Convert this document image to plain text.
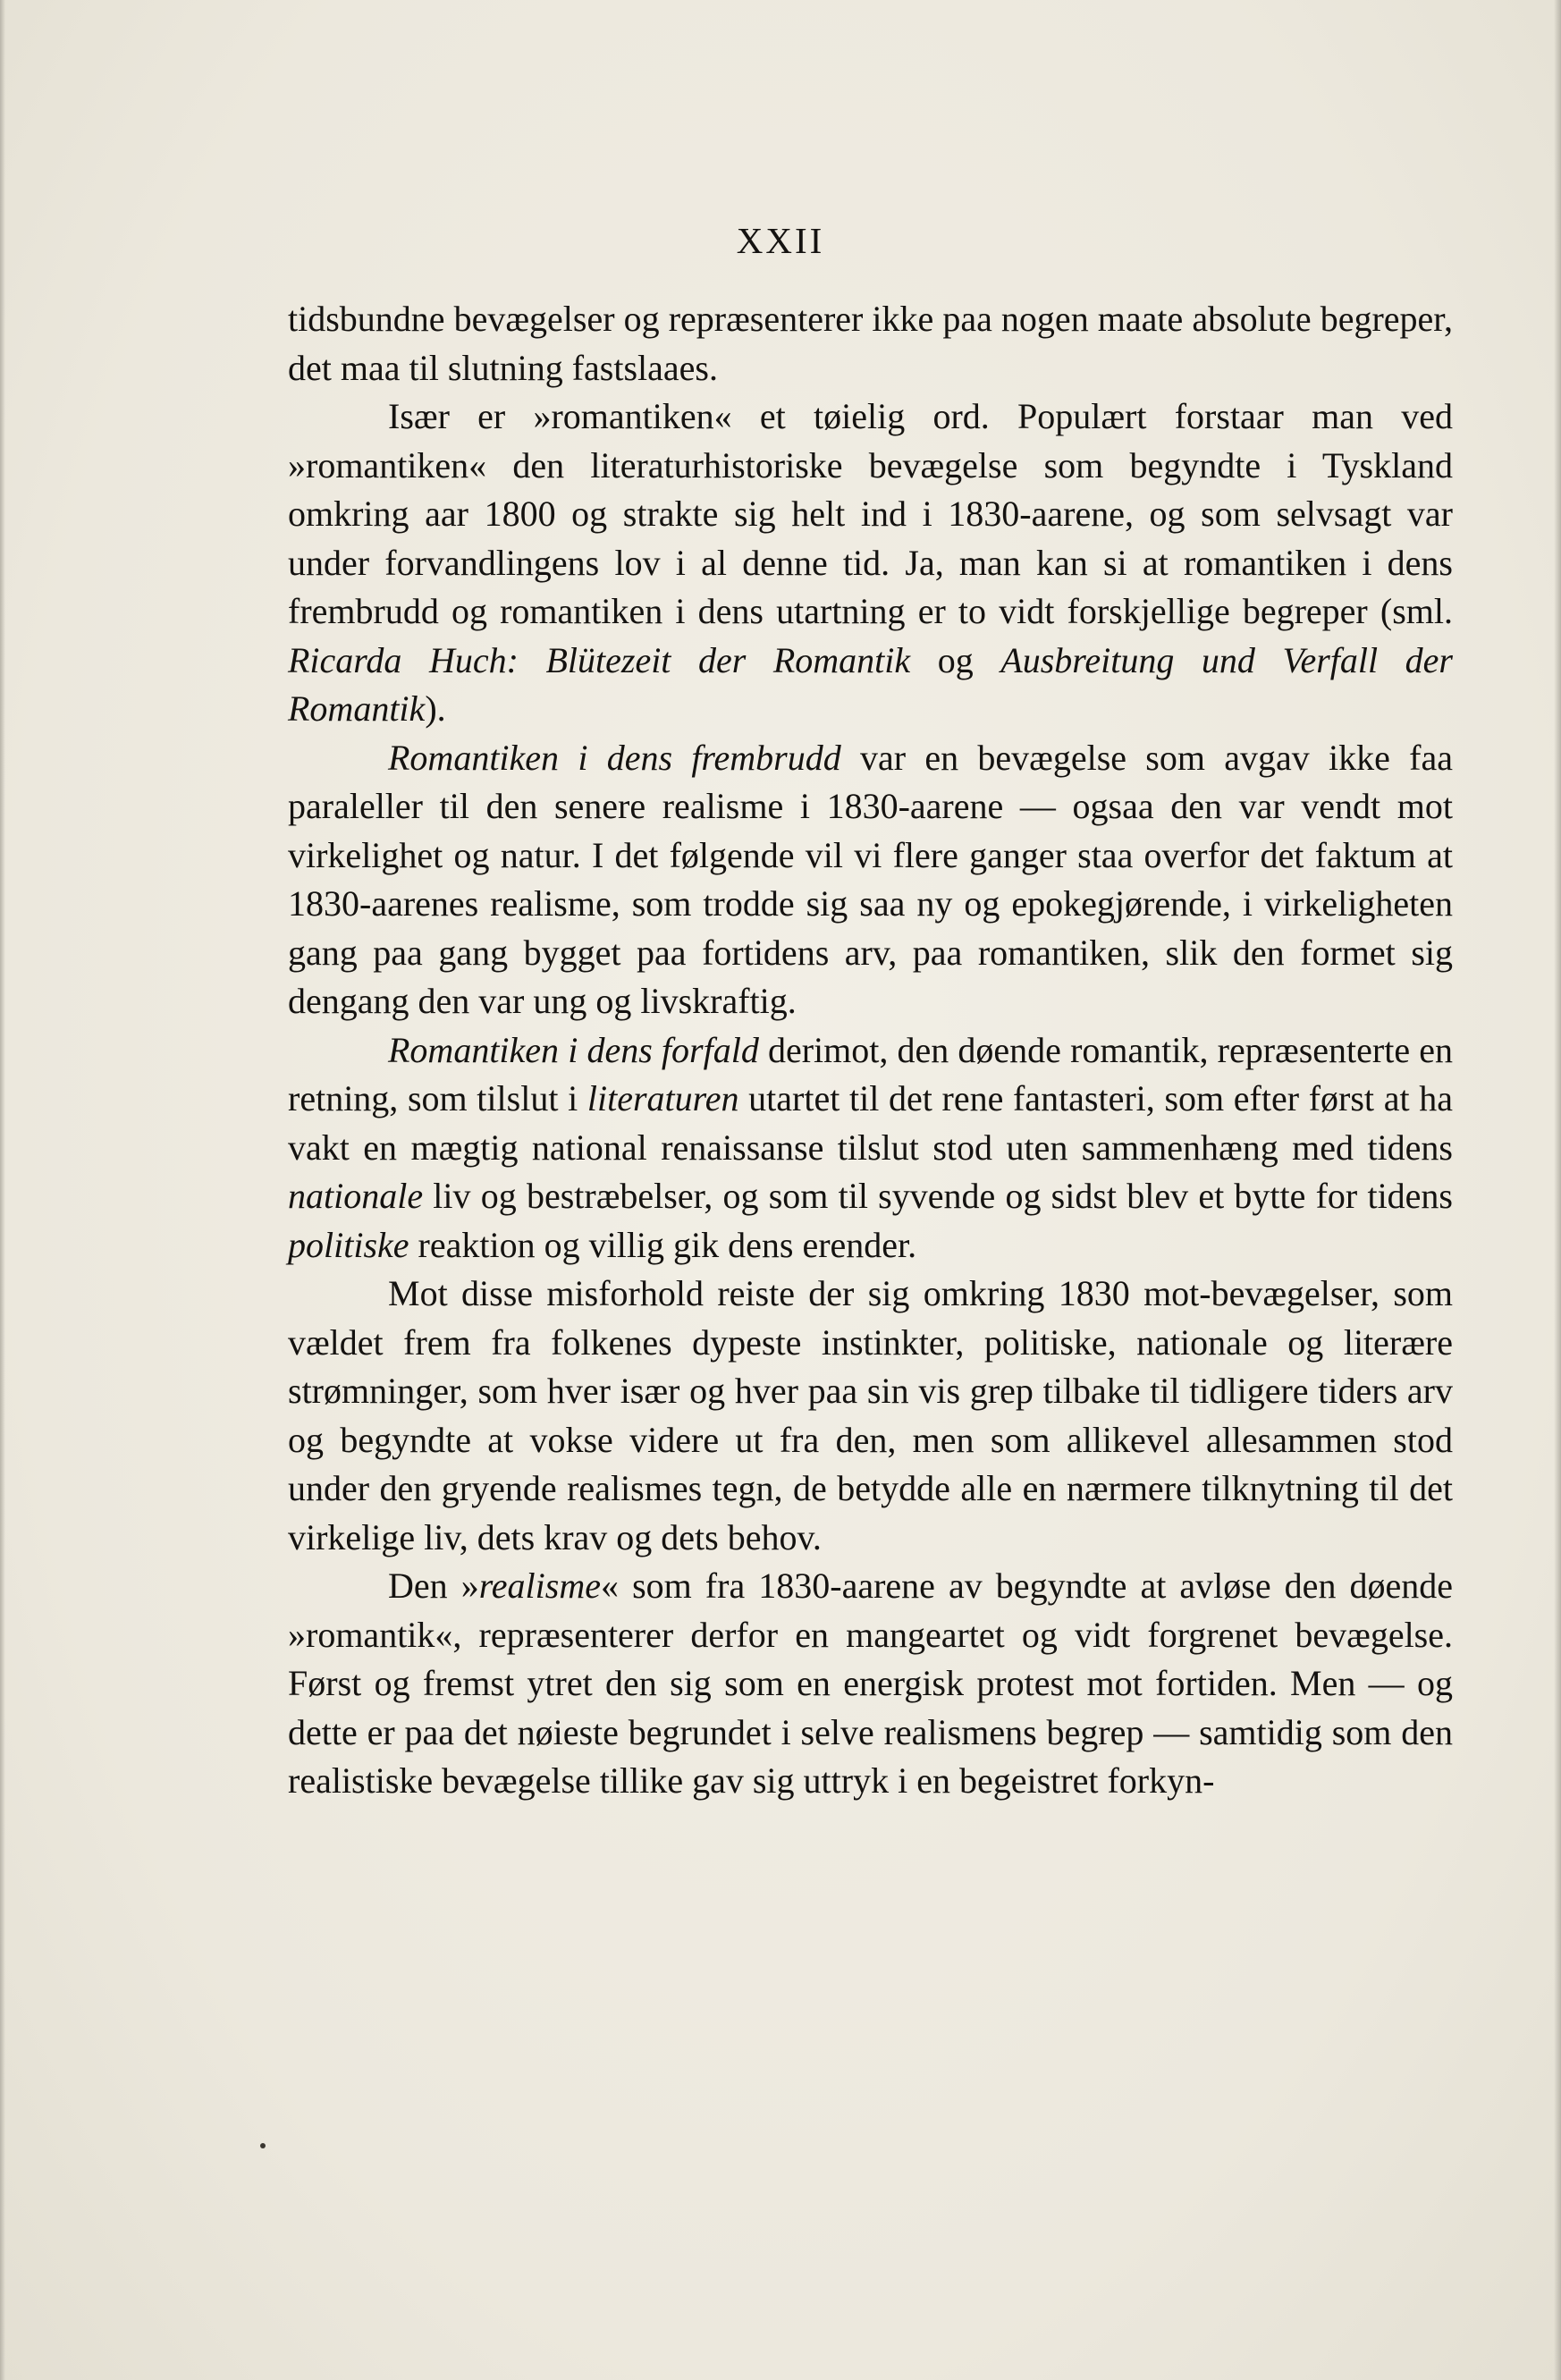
XXII

tidsbundne bevægelser og repræsenterer ikke paa nogen maate absolute begreper, det maa til slutning fastslaaes.

Især er »romantiken« et tøielig ord. Populært forstaar man ved »romantiken« den literaturhistoriske bevægelse som begyndte i Tyskland omkring aar 1800 og strakte sig helt ind i 1830-aarene, og som selvsagt var under forvandlingens lov i al denne tid. Ja, man kan si at romantiken i dens frembrudd og romantiken i dens utartning er to vidt forskjellige begreper (sml. Ricarda Huch: Blütezeit der Romantik og Ausbreitung und Verfall der Romantik).

Romantiken i dens frembrudd var en bevægelse som avgav ikke faa paraleller til den senere realisme i 1830-aarene — ogsaa den var vendt mot virkelighet og natur. I det følgende vil vi flere ganger staa overfor det faktum at 1830-aarenes realisme, som trodde sig saa ny og epokegjørende, i virkeligheten gang paa gang bygget paa fortidens arv, paa romantiken, slik den formet sig dengang den var ung og livskraftig.

Romantiken i dens forfald derimot, den døende romantik, repræsenterte en retning, som tilslut i literaturen utartet til det rene fantasteri, som efter først at ha vakt en mægtig national renaissanse tilslut stod uten sammenhæng med tidens nationale liv og bestræbelser, og som til syvende og sidst blev et bytte for tidens politiske reaktion og villig gik dens erender.

Mot disse misforhold reiste der sig omkring 1830 mot-bevægelser, som vældet frem fra folkenes dypeste instinkter, politiske, nationale og literære strømninger, som hver især og hver paa sin vis grep tilbake til tidligere tiders arv og begyndte at vokse videre ut fra den, men som allikevel allesammen stod under den gryende realismes tegn, de betydde alle en nærmere tilknytning til det virkelige liv, dets krav og dets behov.

Den »realisme« som fra 1830-aarene av begyndte at avløse den døende »romantik«, repræsenterer derfor en mangeartet og vidt forgrenet bevægelse. Først og fremst ytret den sig som en energisk protest mot fortiden. Men — og dette er paa det nøieste begrundet i selve realismens begrep — samtidig som den realistiske bevægelse tillike gav sig uttryk i en begeistret forkyn-
